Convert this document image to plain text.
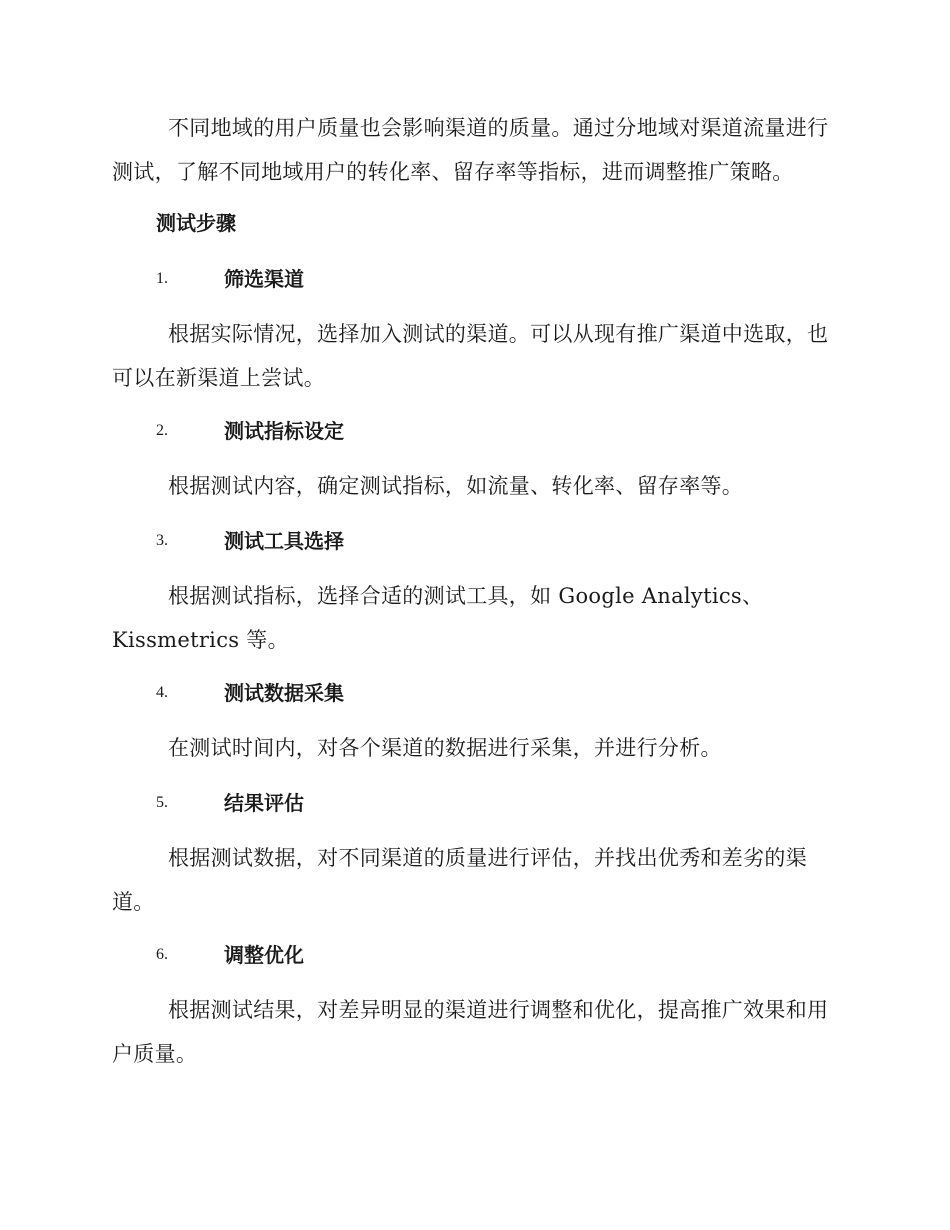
不同地域的用户质量也会影响渠道的质量。通过分地域对渠道流量进行测试，了解不同地域用户的转化率、留存率等指标，进而调整推广策略。

测试步骤
1.	筛选渠道

根据实际情况，选择加入测试的渠道。可以从现有推广渠道中选取，也可以在新渠道上尝试。

2.	测试指标设定

根据测试内容，确定测试指标，如流量、转化率、留存率等。

3.	测试工具选择

根据测试指标，选择合适的测试工具，如 Google Analytics、Kissmetrics 等。

4.	测试数据采集

在测试时间内，对各个渠道的数据进行采集，并进行分析。

5.	结果评估

根据测试数据，对不同渠道的质量进行评估，并找出优秀和差劣的渠道。

6.	调整优化

根据测试结果，对差异明显的渠道进行调整和优化，提高推广效果和用户质量。
